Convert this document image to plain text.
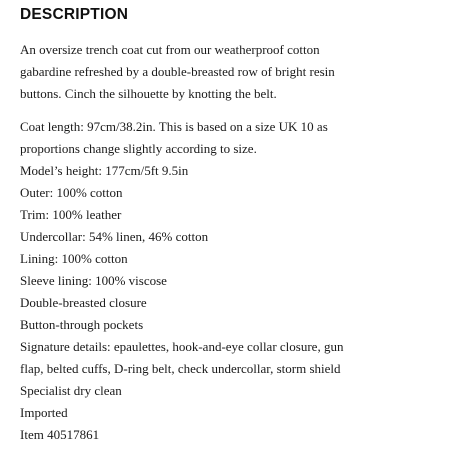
DESCRIPTION

An oversize trench coat cut from our weatherproof cotton gabardine refreshed by a double-breasted row of bright resin buttons. Cinch the silhouette by knotting the belt.

Coat length: 97cm/38.2in. This is based on a size UK 10 as proportions change slightly according to size.
Model’s height: 177cm/5ft 9.5in
Outer: 100% cotton
Trim: 100% leather
Undercollar: 54% linen, 46% cotton
Lining: 100% cotton
Sleeve lining: 100% viscose
Double-breasted closure
Button-through pockets
Signature details: epaulettes, hook-and-eye collar closure, gun flap, belted cuffs, D-ring belt, check undercollar, storm shield
Specialist dry clean
Imported
Item 40517861
